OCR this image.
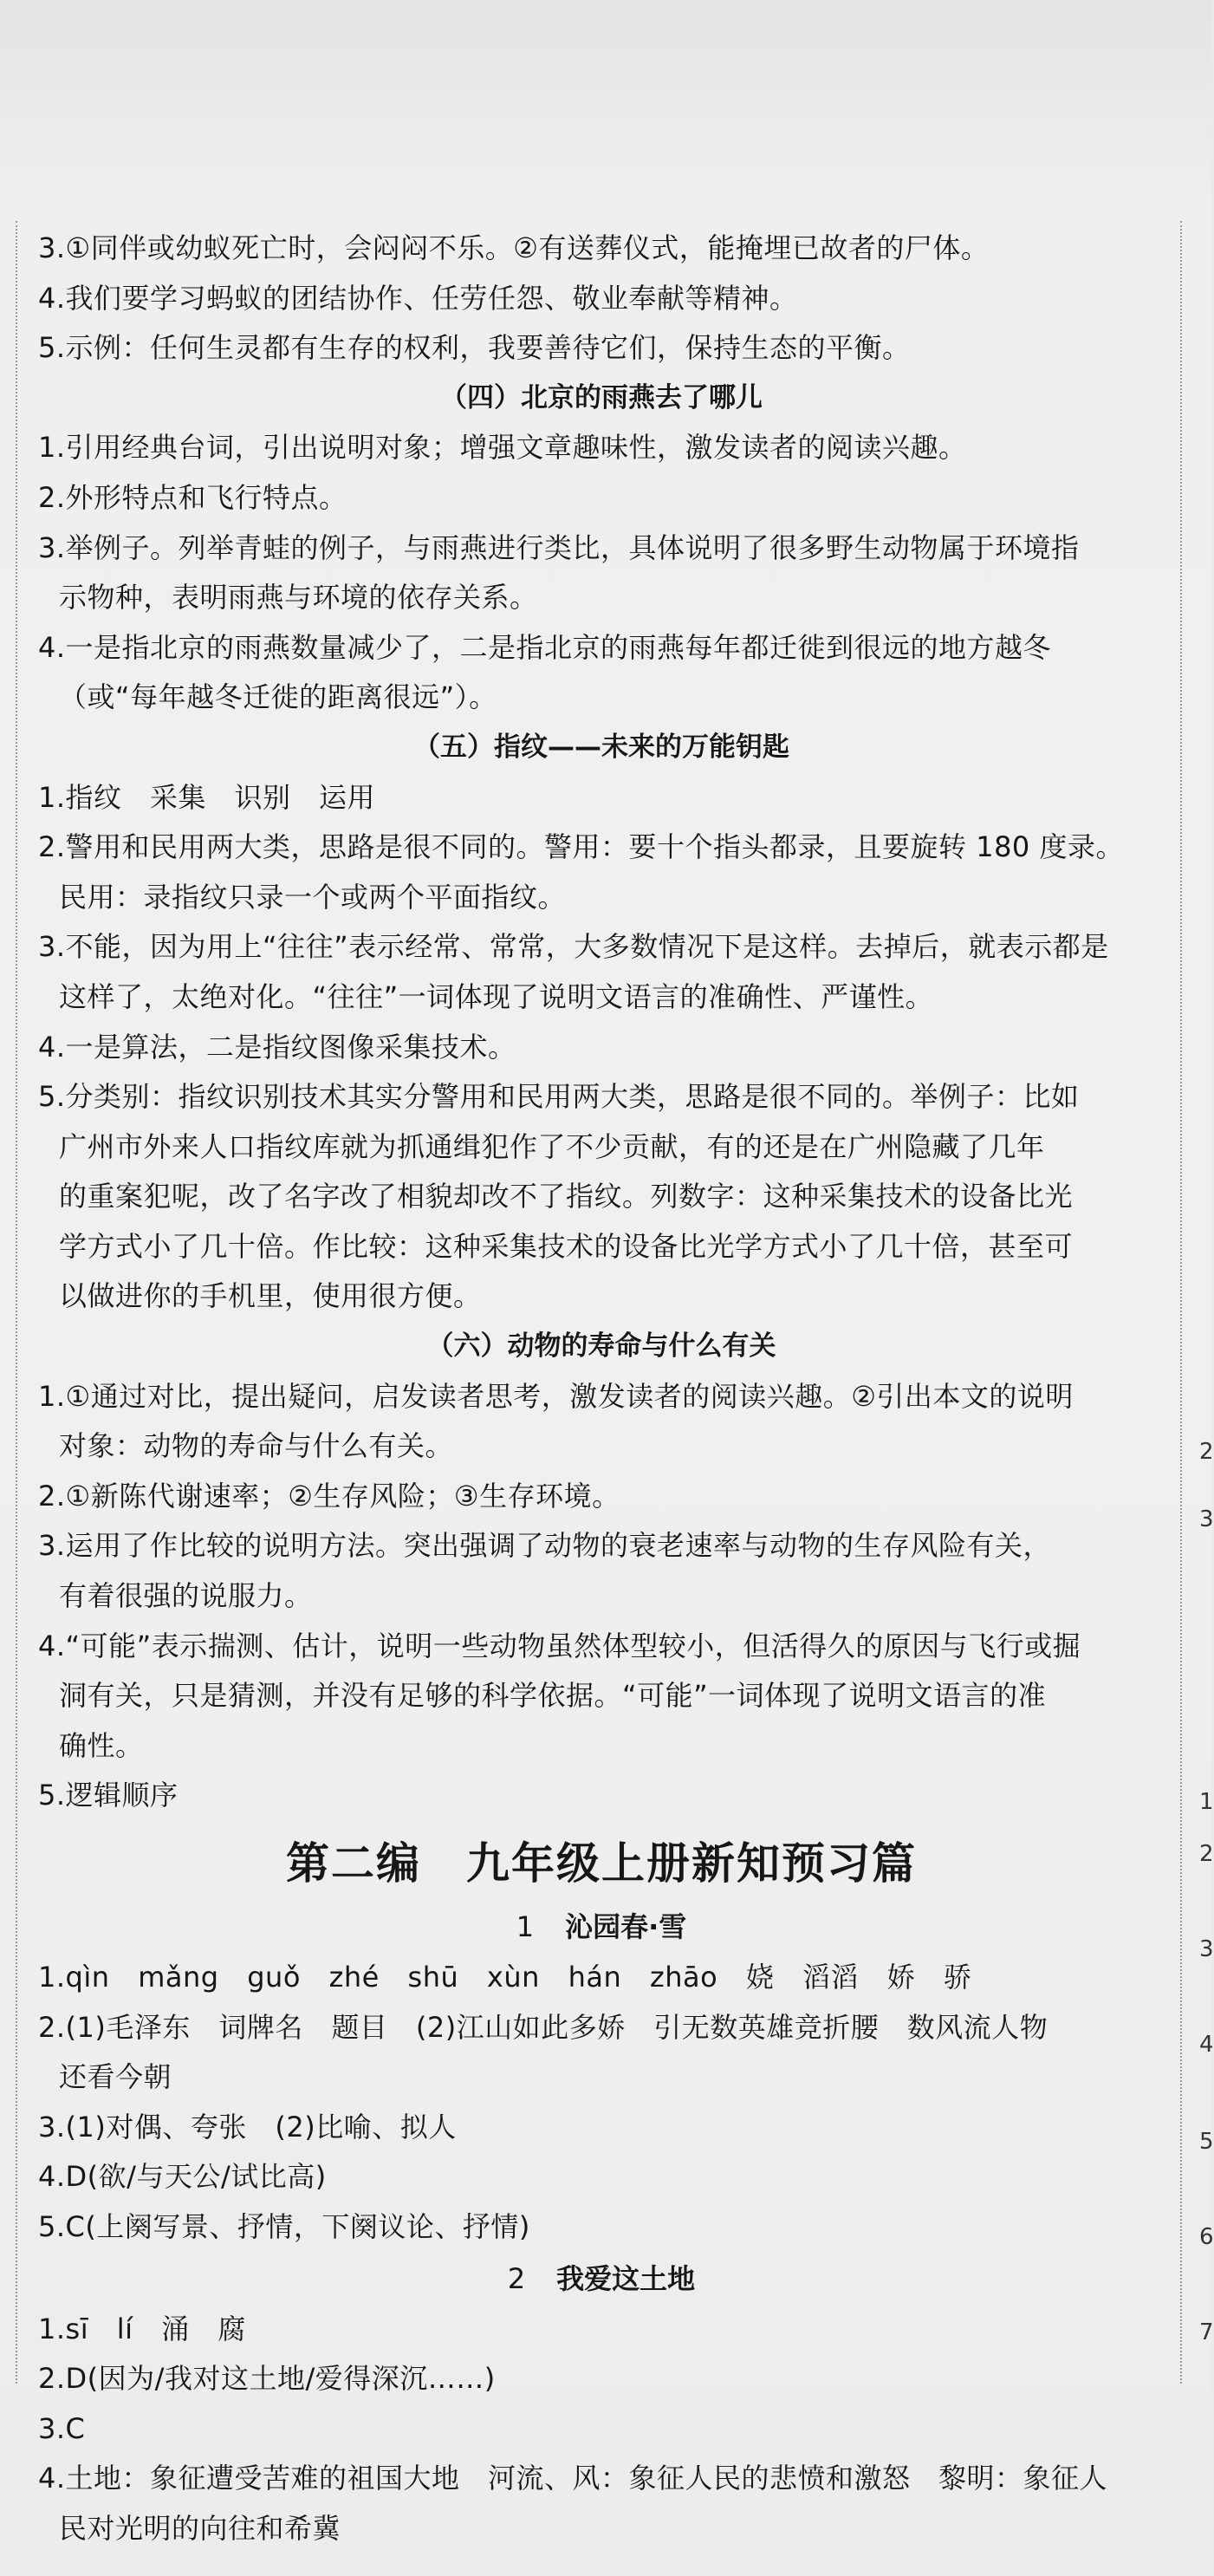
3.①同伴或幼蚁死亡时，会闷闷不乐。②有送葬仪式，能掩埋已故者的尸体。
4.我们要学习蚂蚁的团结协作、任劳任怨、敬业奉献等精神。
5.示例：任何生灵都有生存的权利，我要善待它们，保持生态的平衡。
（四）北京的雨燕去了哪儿
1.引用经典台词，引出说明对象；增强文章趣味性，激发读者的阅读兴趣。
2.外形特点和飞行特点。
3.举例子。列举青蛙的例子，与雨燕进行类比，具体说明了很多野生动物属于环境指
示物种，表明雨燕与环境的依存关系。
4.一是指北京的雨燕数量减少了，二是指北京的雨燕每年都迁徙到很远的地方越冬
（或“每年越冬迁徙的距离很远”）。
（五）指纹——未来的万能钥匙
1.指纹　采集　识别　运用
2.警用和民用两大类，思路是很不同的。警用：要十个指头都录，且要旋转 180 度录。
民用：录指纹只录一个或两个平面指纹。
3.不能，因为用上“往往”表示经常、常常，大多数情况下是这样。去掉后，就表示都是
这样了，太绝对化。“往往”一词体现了说明文语言的准确性、严谨性。
4.一是算法，二是指纹图像采集技术。
5.分类别：指纹识别技术其实分警用和民用两大类，思路是很不同的。举例子：比如
广州市外来人口指纹库就为抓通缉犯作了不少贡献，有的还是在广州隐藏了几年
的重案犯呢，改了名字改了相貌却改不了指纹。列数字：这种采集技术的设备比光
学方式小了几十倍。作比较：这种采集技术的设备比光学方式小了几十倍，甚至可
以做进你的手机里，使用很方便。
（六）动物的寿命与什么有关
1.①通过对比，提出疑问，启发读者思考，激发读者的阅读兴趣。②引出本文的说明
对象：动物的寿命与什么有关。
2.①新陈代谢速率；②生存风险；③生存环境。
3.运用了作比较的说明方法。突出强调了动物的衰老速率与动物的生存风险有关，
有着很强的说服力。
4.“可能”表示揣测、估计，说明一些动物虽然体型较小，但活得久的原因与飞行或掘
洞有关，只是猜测，并没有足够的科学依据。“可能”一词体现了说明文语言的准
确性。
5.逻辑顺序
第二编　九年级上册新知预习篇
1 沁园春·雪
1.qìn mǎng guǒ zhé shū xùn hán zhāo 娆 滔滔 娇 骄
2.(1)毛泽东　词牌名　题目　(2)江山如此多娇　引无数英雄竞折腰　数风流人物
还看今朝
3.(1)对偶、夸张　(2)比喻、拟人
4.D(欲/与天公/试比高)
5.C(上阕写景、抒情，下阕议论、抒情)
2 我爱这土地
1.sī lí 涌 腐
2.D(因为/我对这土地/爱得深沉……)
3.C
4.土地：象征遭受苦难的祖国大地　河流、风：象征人民的悲愤和激怒　黎明：象征人
民对光明的向往和希冀
2
3
1
2
3
4
5
6
7
